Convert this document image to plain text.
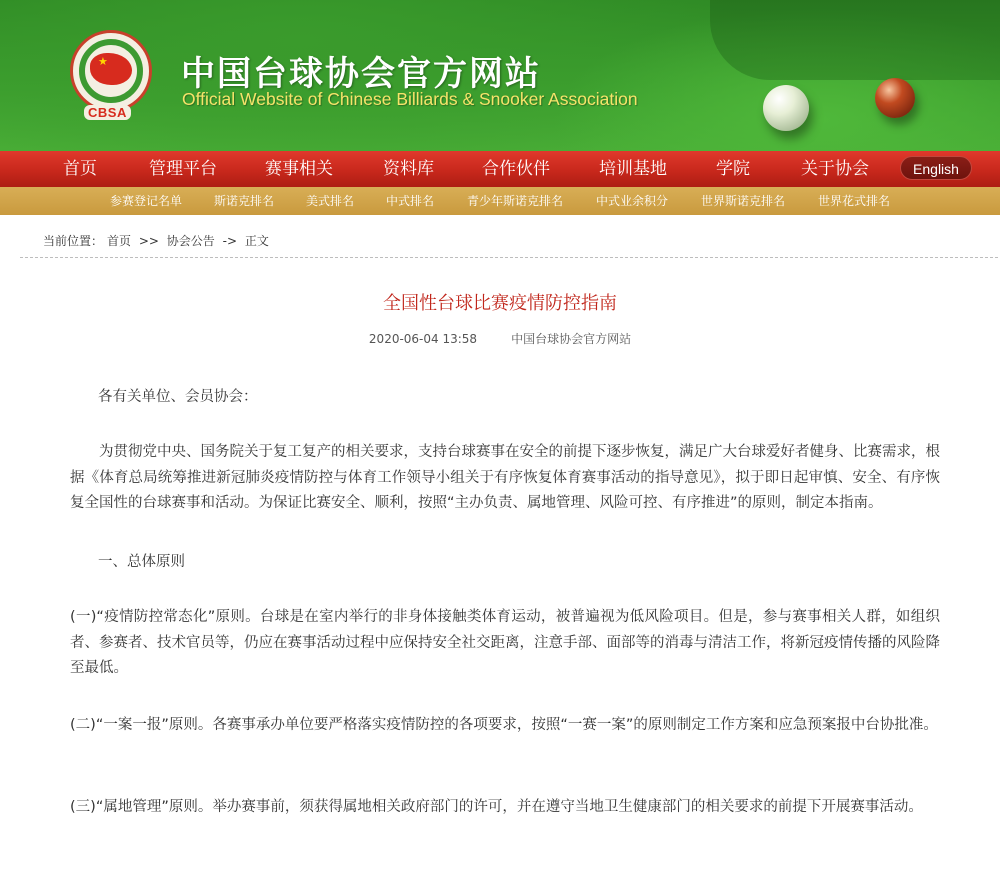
★
CBSA
中国台球协会官方网站
Official Website of Chinese Billiards & Snooker Association
首页	管理平台	赛事相关	资料库	合作伙伴	培训基地	学院	关于协会	English
参赛登记名单	斯诺克排名	美式排名	中式排名	青少年斯诺克排名	中式业余积分	世界斯诺克排名	世界花式排名
当前位置： 首页 >> 协会公告 -> 正文
全国性台球比赛疫情防控指南
2020-06-04 13:58	中国台球协会官方网站
各有关单位、会员协会：
为贯彻党中央、国务院关于复工复产的相关要求，支持台球赛事在安全的前提下逐步恢复，满足广大台球爱好者健身、比赛需求，根据《体育总局统筹推进新冠肺炎疫情防控与体育工作领导小组关于有序恢复体育赛事活动的指导意见》，拟于即日起审慎、安全、有序恢复全国性的台球赛事和活动。为保证比赛安全、顺利，按照“主办负责、属地管理、风险可控、有序推进”的原则，制定本指南。
一、总体原则
(一)“疫情防控常态化”原则。台球是在室内举行的非身体接触类体育运动，被普遍视为低风险项目。但是，参与赛事相关人群，如组织者、参赛者、技术官员等，仍应在赛事活动过程中应保持安全社交距离，注意手部、面部等的消毒与清洁工作，将新冠疫情传播的风险降至最低。
(二)“一案一报”原则。各赛事承办单位要严格落实疫情防控的各项要求，按照“一赛一案”的原则制定工作方案和应急预案报中台协批准。
(三)“属地管理”原则。举办赛事前，须获得属地相关政府部门的许可，并在遵守当地卫生健康部门的相关要求的前提下开展赛事活动。
